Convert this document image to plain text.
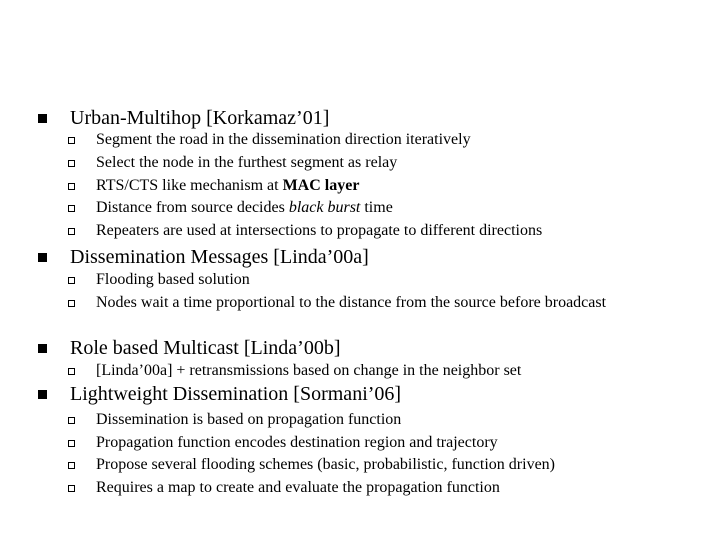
Urban-Multihop [Korkamaz’01]
Segment the road in the dissemination direction iteratively
Select the node in the furthest segment as relay
RTS/CTS like mechanism at MAC layer
Distance from source decides black burst time
Repeaters are used at intersections to propagate to different directions
Dissemination Messages [Linda’00a]
Flooding based solution
Nodes wait a time proportional to the distance from the source before broadcast
Role based Multicast [Linda’00b]
[Linda’00a] + retransmissions based on change in the neighbor set
Lightweight Dissemination [Sormani’06]
Dissemination is based on propagation function
Propagation function encodes destination region and trajectory
Propose several flooding schemes (basic, probabilistic, function driven)
Requires a map to create and evaluate the propagation function
